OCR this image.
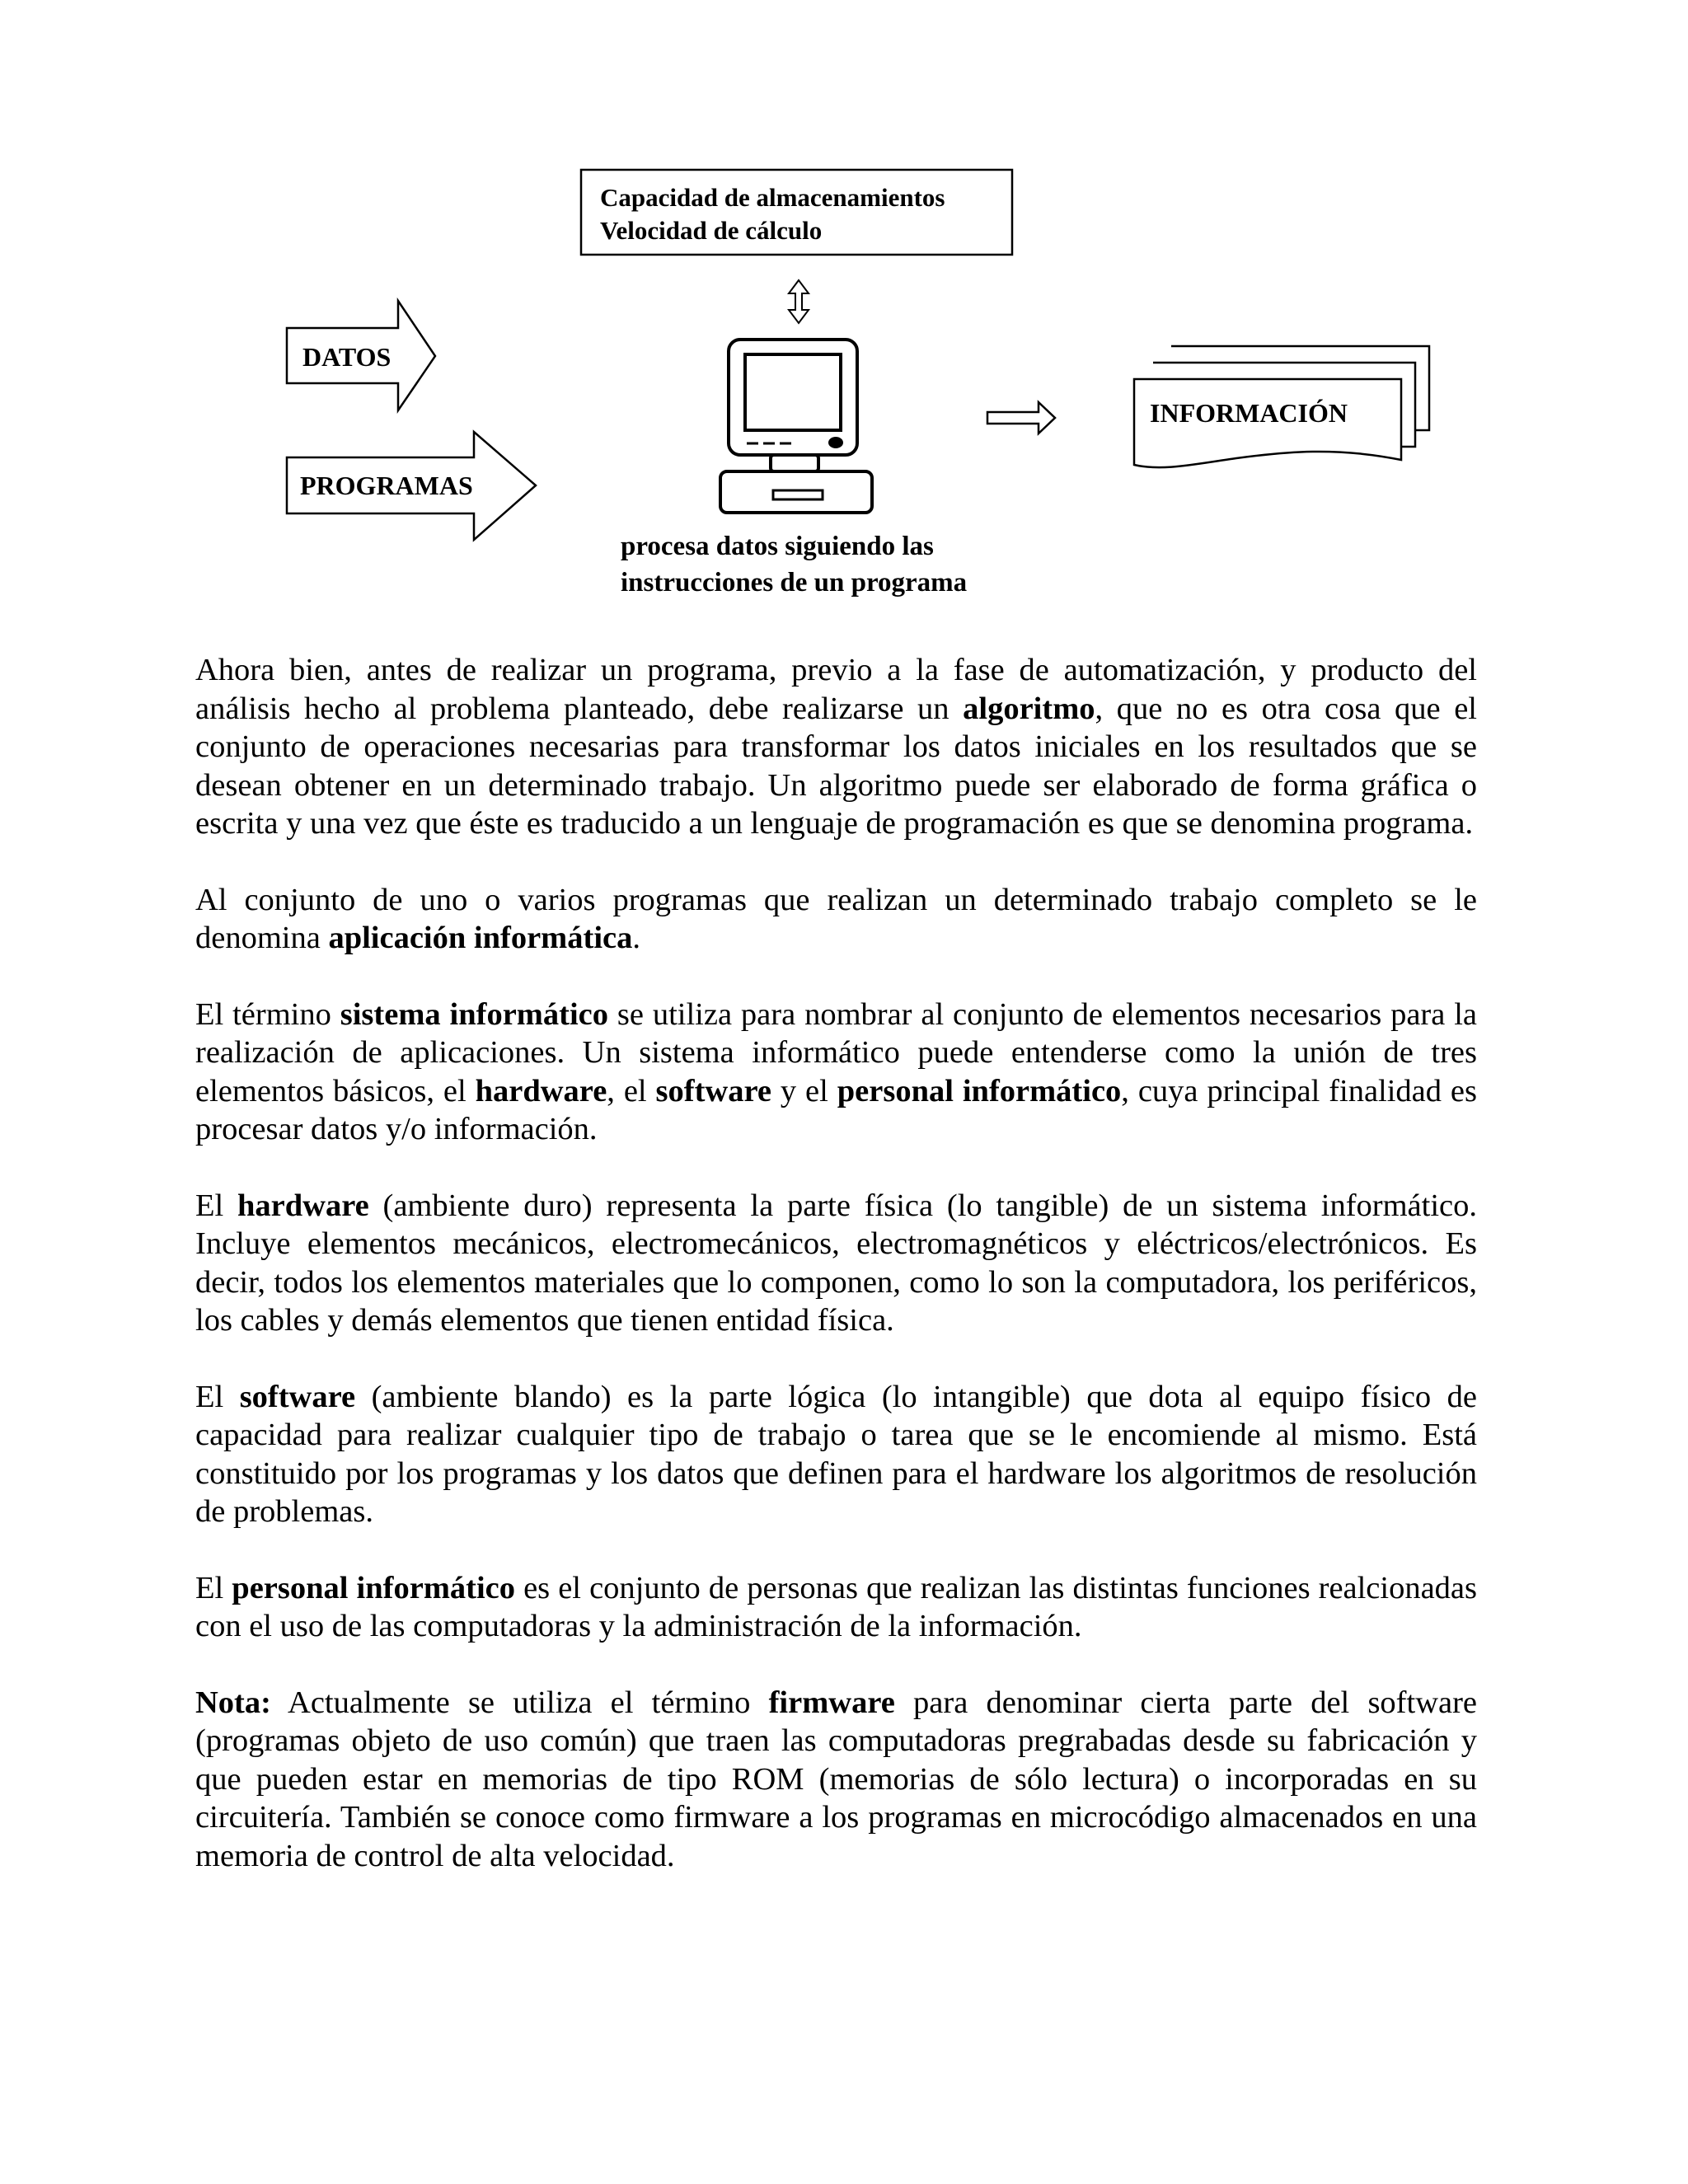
Capacidad de almacenamientos
Velocidad de cálculo
DATOS
PROGRAMAS
INFORMACIÓN
procesa datos siguiendo las
instrucciones de un programa

Ahora bien, antes de realizar un programa, previo a la fase de automatización, y producto del análisis hecho al problema planteado, debe realizarse un algoritmo, que no es otra cosa que el conjunto de operaciones necesarias para transformar los datos iniciales en los resultados que se desean obtener en un determinado trabajo. Un algoritmo puede ser elaborado de forma gráfica o escrita y una vez que éste es traducido a un lenguaje de programación es que se denomina programa.

Al conjunto de uno o varios programas que realizan un determinado trabajo completo se le denomina aplicación informática.

El término sistema informático se utiliza para nombrar al conjunto de elementos necesarios para la realización de aplicaciones. Un sistema informático puede entenderse como la unión de tres elementos básicos, el hardware, el software y el personal informático, cuya principal finalidad es procesar datos y/o información.

El hardware (ambiente duro) representa la parte física (lo tangible) de un sistema informático. Incluye elementos mecánicos, electromecánicos, electromagnéticos y eléctricos/electrónicos. Es decir, todos los elementos materiales que lo componen, como lo son la computadora, los periféricos, los cables y demás elementos que tienen entidad física.

El software (ambiente blando) es la parte lógica (lo intangible) que dota al equipo físico de capacidad para realizar cualquier tipo de trabajo o tarea que se le encomiende al mismo. Está constituido por los programas y los datos que definen para el hardware los algoritmos de resolución de problemas.

El personal informático es el conjunto de personas que realizan las distintas funciones realcionadas con el uso de las computadoras y la administración de la información.

Nota: Actualmente se utiliza el término firmware para denominar cierta parte del software (programas objeto de uso común) que traen las computadoras pregrabadas desde su fabricación y que pueden estar en memorias de tipo ROM (memorias de sólo lectura) o incorporadas en su circuitería. También se conoce como firmware a los programas en microcódigo almacenados en una memoria de control de alta velocidad.
